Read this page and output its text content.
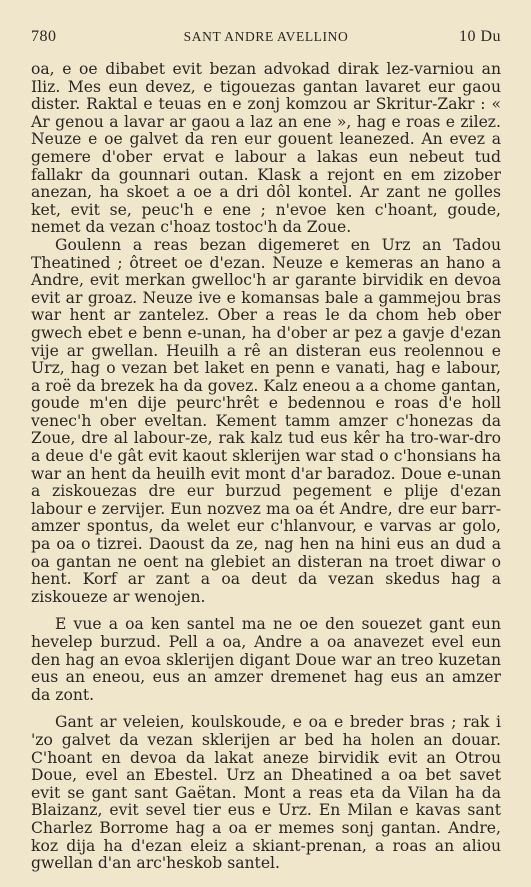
780	SANT ANDRE AVELLINO	10 Du

oa, e oe dibabet evit bezan advokad dirak lez-varniou an Iliz. Mes eun devez, e tigouezas gantan lavaret eur gaou dister. Raktal e teuas en e zonj komzou ar Skritur-Zakr : « Ar genou a lavar ar gaou a laz an ene », hag e roas e zilez. Neuze e oe galvet da ren eur gouent leanezed. An evez a gemere d'ober ervat e labour a lakas eun nebeut tud fallakr da gounnari outan. Klask a rejont en em zizober anezan, ha skoet a oe a dri dôl kontel. Ar zant ne golles ket, evit se, peuc'h e ene ; n'evoe ken c'hoant, goude, nemet da vezan c'hoaz tostoc'h da Zoue.

Goulenn a reas bezan digemeret en Urz an Tadou Theatined ; ôtreet oe d'ezan. Neuze e kemeras an hano a Andre, evit merkan gwelloc'h ar garante birvidik en devoa evit ar groaz. Neuze ive e komansas bale a gammejou bras war hent ar zantelez. Ober a reas le da chom heb ober gwech ebet e benn e-unan, ha d'ober ar pez a gavje d'ezan vije ar gwellan. Heuilh a rê an disteran eus reolennou e Urz, hag o vezan bet laket en penn e vanati, hag e labour, a roë da brezek ha da govez. Kalz eneou a a chome gantan, goude m'en dije peurc'hrêt e bedennou e roas d'e holl venec'h ober eveltan. Kement tamm amzer c'honezas da Zoue, dre al labour-ze, rak kalz tud eus kêr ha tro-war-dro a deue d'e gât evit kaout sklerijen war stad o c'honsians ha war an hent da heuilh evit mont d'ar baradoz. Doue e-unan a ziskouezas dre eur burzud pegement e plije d'ezan labour e zervijer. Eun nozvez ma oa ét Andre, dre eur barr-amzer spontus, da welet eur c'hlanvour, e varvas ar golo, pa oa o tizrei. Daoust da ze, nag hen na hini eus an dud a oa gantan ne oent na glebiet an disteran na troet diwar o hent. Korf ar zant a oa deut da vezan skedus hag a ziskoueze ar wenojen.

E vue a oa ken santel ma ne oe den souezet gant eun hevelep burzud. Pell a oa, Andre a oa anavezet evel eun den hag an evoa sklerijen digant Doue war an treo kuzetan eus an eneou, eus an amzer dremenet hag eus an amzer da zont.

Gant ar veleien, koulskoude, e oa e breder bras ; rak i 'zo galvet da vezan sklerijen ar bed ha holen an douar. C'hoant en devoa da lakat aneze birvidik evit an Otrou Doue, evel an Ebestel. Urz an Dheatined a oa bet savet evit se gant sant Gaëtan. Mont a reas eta da Vilan ha da Blaizanz, evit sevel tier eus e Urz. En Milan e kavas sant Charlez Borrome hag a oa er memes sonj gantan. Andre, koz dija ha d'ezan eleiz a skiant-prenan, a roas an aliou gwellan d'an arc'heskob santel.
